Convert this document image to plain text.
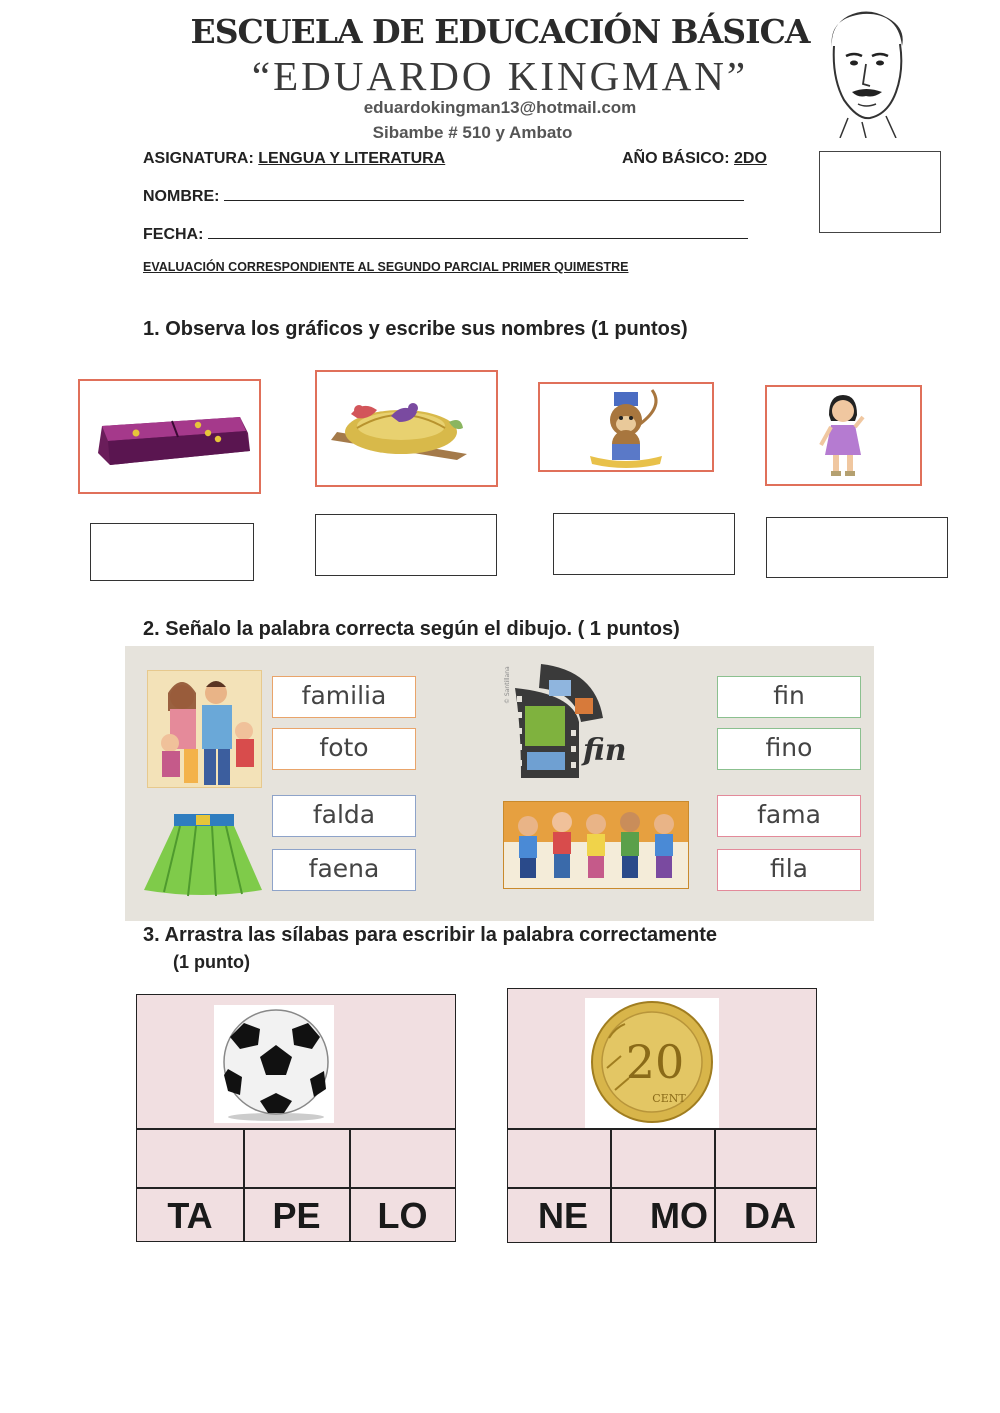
ESCUELA DE EDUCACIÓN BÁSICA
“EDUARDO KINGMAN”
eduardokingman13@hotmail.com
Sibambe # 510 y Ambato
ASIGNATURA: LENGUA Y LITERATURA	AÑO BÁSICO: 2DO
NOMBRE:
FECHA:
EVALUACIÓN CORRESPONDIENTE AL SEGUNDO PARCIAL PRIMER QUIMESTRE
1. Observa los gráficos y escribe sus nombres (1 puntos)
2. Señalo la palabra correcta según el dibujo. ( 1 puntos)
familia
foto
© Santillana
fin
fin
fino
falda
faena
fama
fila
3. Arrastra las sílabas para escribir la palabra correctamente
(1 punto)
TA	PE	LO
20
CENT
NE	MO	DA
